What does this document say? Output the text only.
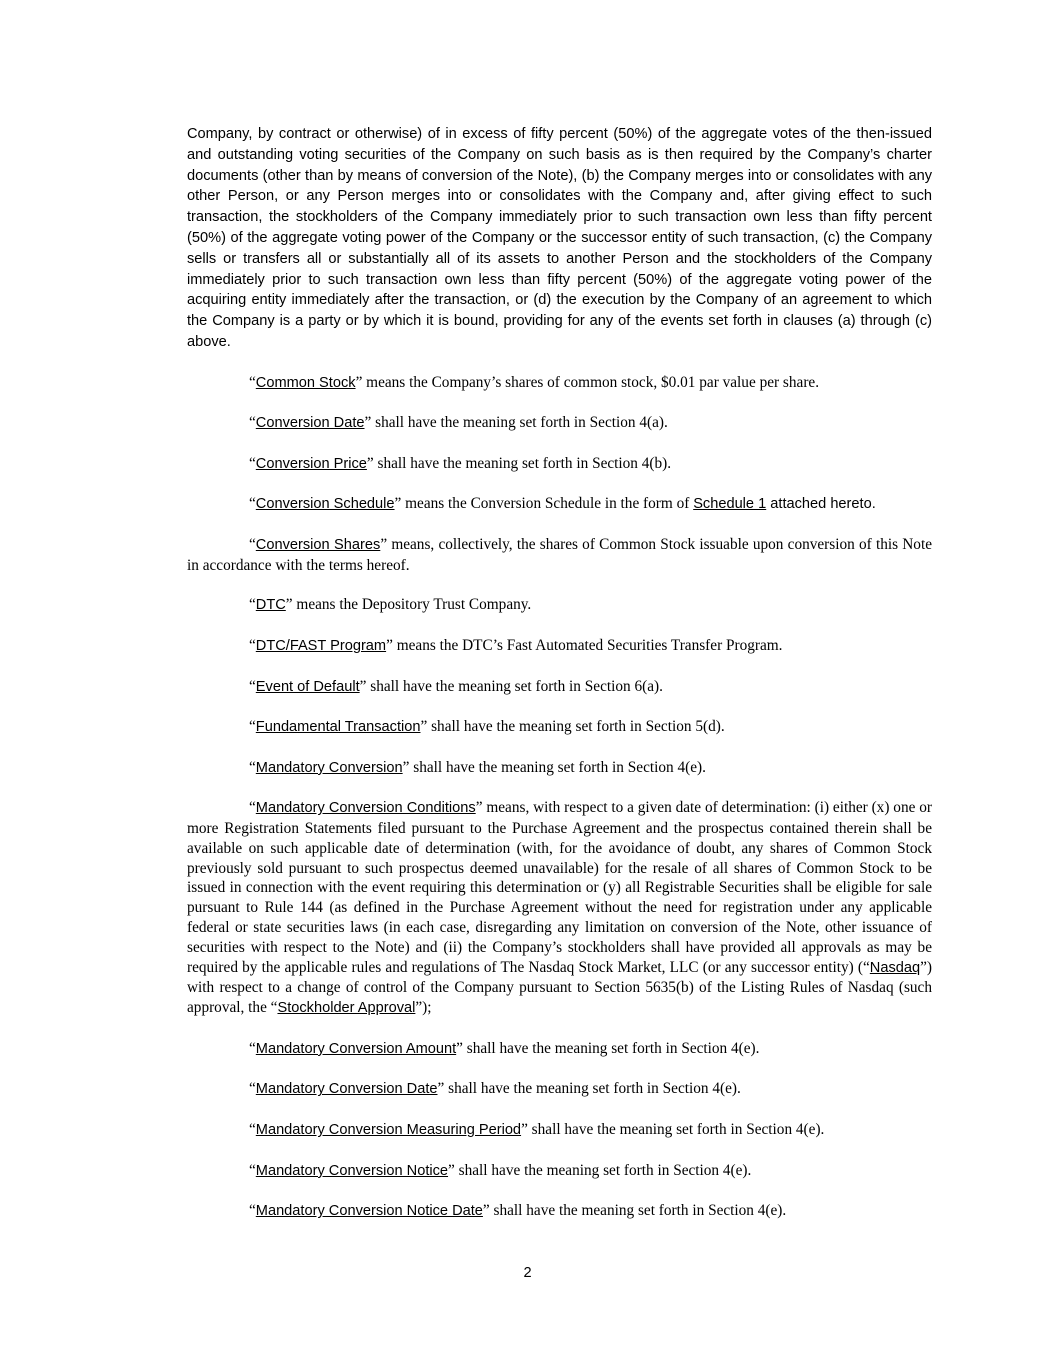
Company, by contract or otherwise) of in excess of fifty percent (50%) of the aggregate votes of the then-issued and outstanding voting securities of the Company on such basis as is then required by the Company’s charter documents (other than by means of conversion of the Note), (b) the Company merges into or consolidates with any other Person, or any Person merges into or consolidates with the Company and, after giving effect to such transaction, the stockholders of the Company immediately prior to such transaction own less than fifty percent (50%) of the aggregate voting power of the Company or the successor entity of such transaction, (c) the Company sells or transfers all or substantially all of its assets to another Person and the stockholders of the Company immediately prior to such transaction own less than fifty percent (50%) of the aggregate voting power of the acquiring entity immediately after the transaction, or (d) the execution by the Company of an agreement to which the Company is a party or by which it is bound, providing for any of the events set forth in clauses (a) through (c) above.

“Common Stock” means the Company’s shares of common stock, $0.01 par value per share.

“Conversion Date” shall have the meaning set forth in Section 4(a).

“Conversion Price” shall have the meaning set forth in Section 4(b).

“Conversion Schedule” means the Conversion Schedule in the form of Schedule 1 attached hereto.

“Conversion Shares” means, collectively, the shares of Common Stock issuable upon conversion of this Note in accordance with the terms hereof.

“DTC” means the Depository Trust Company.

“DTC/FAST Program” means the DTC’s Fast Automated Securities Transfer Program.

“Event of Default” shall have the meaning set forth in Section 6(a).

“Fundamental Transaction” shall have the meaning set forth in Section 5(d).

“Mandatory Conversion” shall have the meaning set forth in Section 4(e).

“Mandatory Conversion Conditions” means, with respect to a given date of determination: (i) either (x) one or more Registration Statements filed pursuant to the Purchase Agreement and the prospectus contained therein shall be available on such applicable date of determination (with, for the avoidance of doubt, any shares of Common Stock previously sold pursuant to such prospectus deemed unavailable) for the resale of all shares of Common Stock to be issued in connection with the event requiring this determination or (y) all Registrable Securities shall be eligible for sale pursuant to Rule 144 (as defined in the Purchase Agreement without the need for registration under any applicable federal or state securities laws (in each case, disregarding any limitation on conversion of the Note, other issuance of securities with respect to the Note) and (ii) the Company’s stockholders shall have provided all approvals as may be required by the applicable rules and regulations of The Nasdaq Stock Market, LLC (or any successor entity) (“Nasdaq”) with respect to a change of control of the Company pursuant to Section 5635(b) of the Listing Rules of Nasdaq (such approval, the “Stockholder Approval”);

“Mandatory Conversion Amount” shall have the meaning set forth in Section 4(e).

“Mandatory Conversion Date” shall have the meaning set forth in Section 4(e).

“Mandatory Conversion Measuring Period” shall have the meaning set forth in Section 4(e).

“Mandatory Conversion Notice” shall have the meaning set forth in Section 4(e).

“Mandatory Conversion Notice Date” shall have the meaning set forth in Section 4(e).

2
